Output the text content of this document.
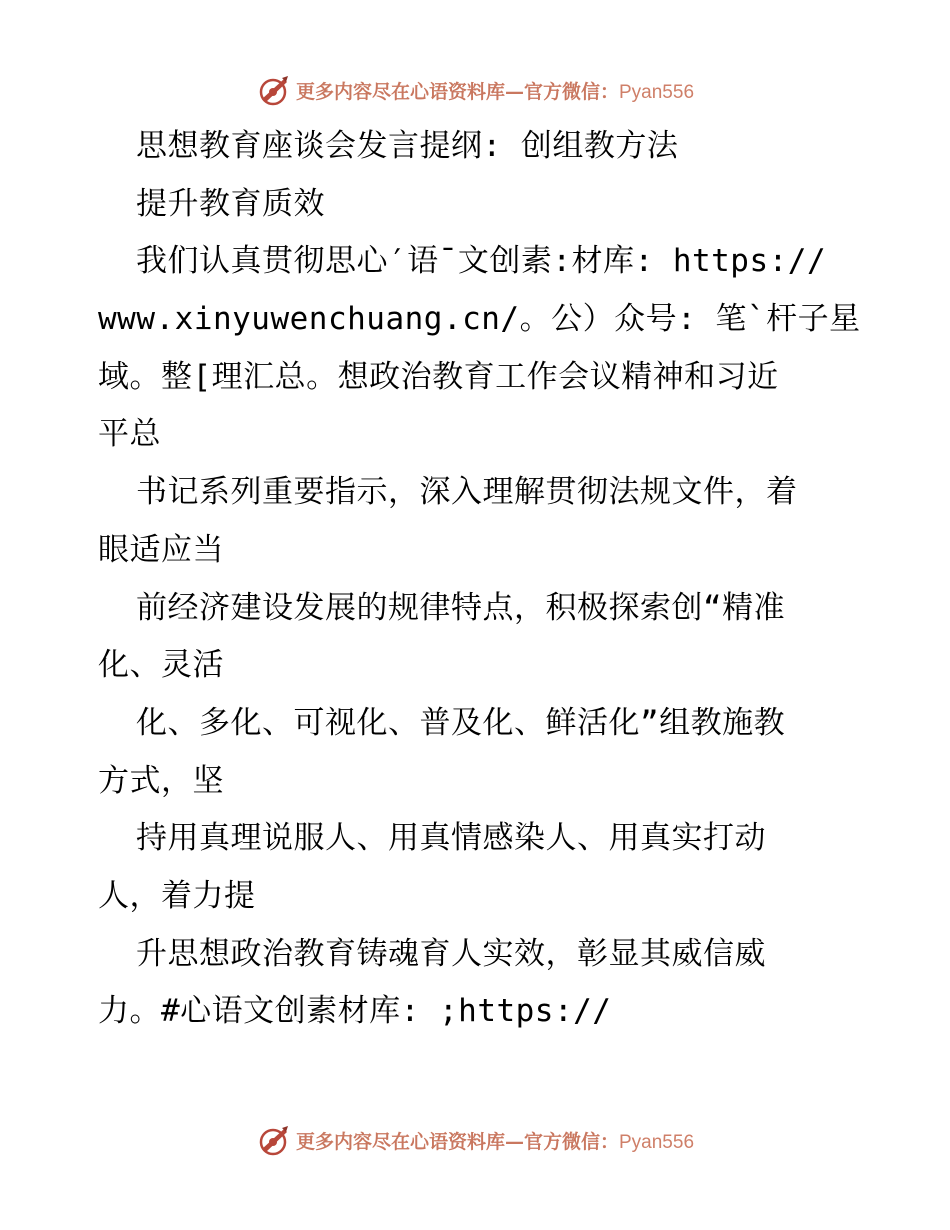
更多内容尽在心语资料库—官方微信：Pyan556
思想教育座谈会发言提纲: 创组教方法
提升教育质效
我们认真贯彻思心′语¯文创素:材库: https://
www.xinyuwenchuang.cn/。公）众号: 笔`杆子星
域。整[理汇总。想政治教育工作会议精神和习近
平总
书记系列重要指示，深入理解贯彻法规文件，着
眼适应当
前经济建设发展的规律特点，积极探索创“精准
化、灵活
化、多化、可视化、普及化、鲜活化”组教施教
方式，坚
持用真理说服人、用真情感染人、用真实打动
人，着力提
升思想政治教育铸魂育人实效，彰显其威信威
力。#心语文创素材库: ;https://
更多内容尽在心语资料库—官方微信：Pyan556
